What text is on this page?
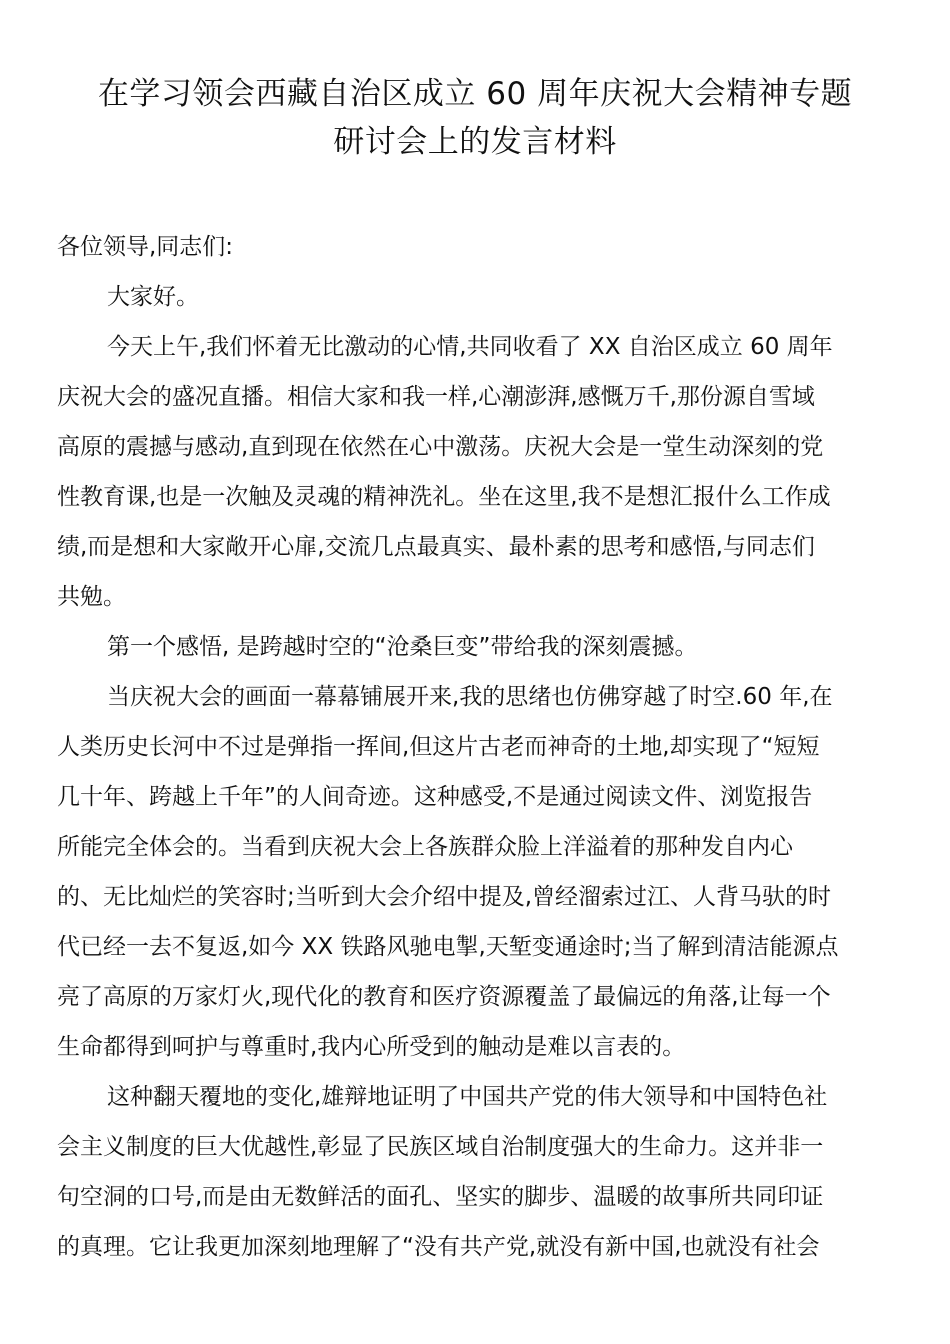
在学习领会西藏自治区成立 60 周年庆祝大会精神专题
研讨会上的发言材料
各位领导,同志们:
大家好。
今天上午,我们怀着无比激动的心情,共同收看了 XX 自治区成立 60 周年
庆祝大会的盛况直播。相信大家和我一样,心潮澎湃,感慨万千,那份源自雪域
高原的震撼与感动,直到现在依然在心中激荡。庆祝大会是一堂生动深刻的党
性教育课,也是一次触及灵魂的精神洗礼。坐在这里,我不是想汇报什么工作成
绩,而是想和大家敞开心扉,交流几点最真实、最朴素的思考和感悟,与同志们
共勉。
第一个感悟, 是跨越时空的“沧桑巨变”带给我的深刻震撼。
当庆祝大会的画面一幕幕铺展开来,我的思绪也仿佛穿越了时空.60 年,在
人类历史长河中不过是弹指一挥间,但这片古老而神奇的土地,却实现了“短短
几十年、跨越上千年”的人间奇迹。这种感受,不是通过阅读文件、浏览报告
所能完全体会的。当看到庆祝大会上各族群众脸上洋溢着的那种发自内心
的、无比灿烂的笑容时;当听到大会介绍中提及,曾经溜索过江、人背马驮的时
代已经一去不复返,如今 XX 铁路风驰电掣,天堑变通途时;当了解到清洁能源点
亮了高原的万家灯火,现代化的教育和医疗资源覆盖了最偏远的角落,让每一个
生命都得到呵护与尊重时,我内心所受到的触动是难以言表的。
这种翻天覆地的变化,雄辩地证明了中国共产党的伟大领导和中国特色社
会主义制度的巨大优越性,彰显了民族区域自治制度强大的生命力。这并非一
句空洞的口号,而是由无数鲜活的面孔、坚实的脚步、温暖的故事所共同印证
的真理。它让我更加深刻地理解了“没有共产党,就没有新中国,也就没有社会
